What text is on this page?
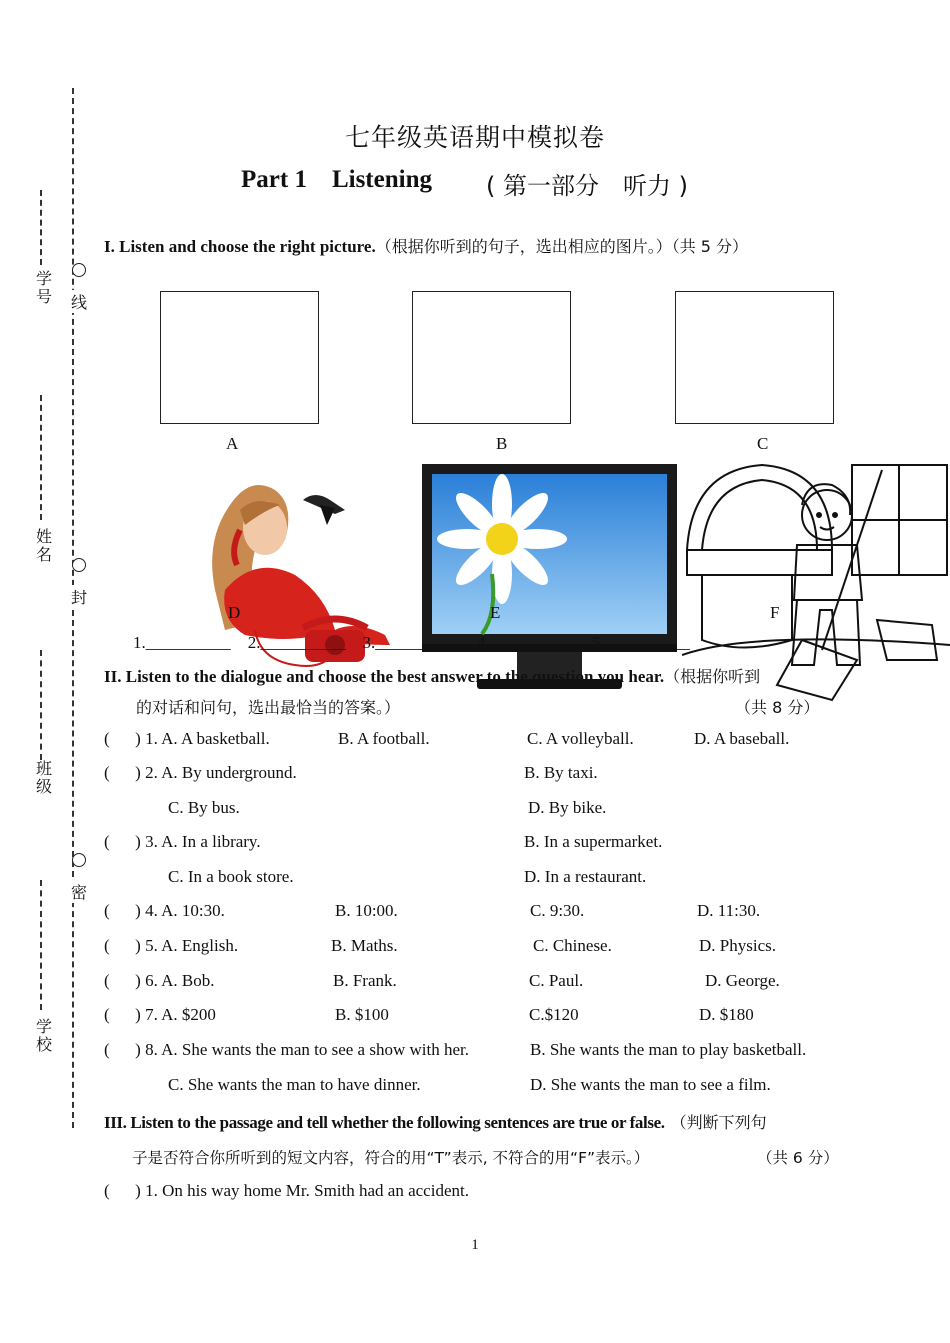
线
封
密
学号
姓名
班级
学校
七年级英语期中模拟卷
Part 1    Listening ( 第一部分　听力 )
I. Listen and choose the right picture.（根据你听到的句子，选出相应的图片。）（共 5 分）
A	B	C
D	E	F
1.__________    2.__________    3.__________    4.__________    5.__________
II. Listen to the dialogue and choose the best answer to the question you hear.（根据你听到
的对话和问句，选出最恰当的答案。）	（共 8 分）
(      ) 1. A. A basketball.	B. A football.	C. A volleyball.	D. A baseball.
(      ) 2. A. By underground.	B. By taxi.
C. By bus.	D. By bike.
(      ) 3. A. In a library.	B. In a supermarket.
C. In a book store.	D. In a restaurant.
(      ) 4. A. 10:30.	B. 10:00.	C. 9:30.	D. 11:30.
(      ) 5. A. English.	B. Maths.	C. Chinese.	D. Physics.
(      ) 6. A. Bob.	B. Frank.	C. Paul.	D. George.
(      ) 7. A. $200	B. $100	C.$120	D. $180
(      ) 8. A. She wants the man to see a show with her.	B. She wants the man to play basketball.
C. She wants the man to have dinner.	D. She wants the man to see a film.
III. Listen to the passage and tell whether the following sentences are true or false. （判断下列句
子是否符合你所听到的短文内容，符合的用“T”表示, 不符合的用“F”表示。）	（共 6 分）
(      ) 1. On his way home Mr. Smith had an accident.
1
